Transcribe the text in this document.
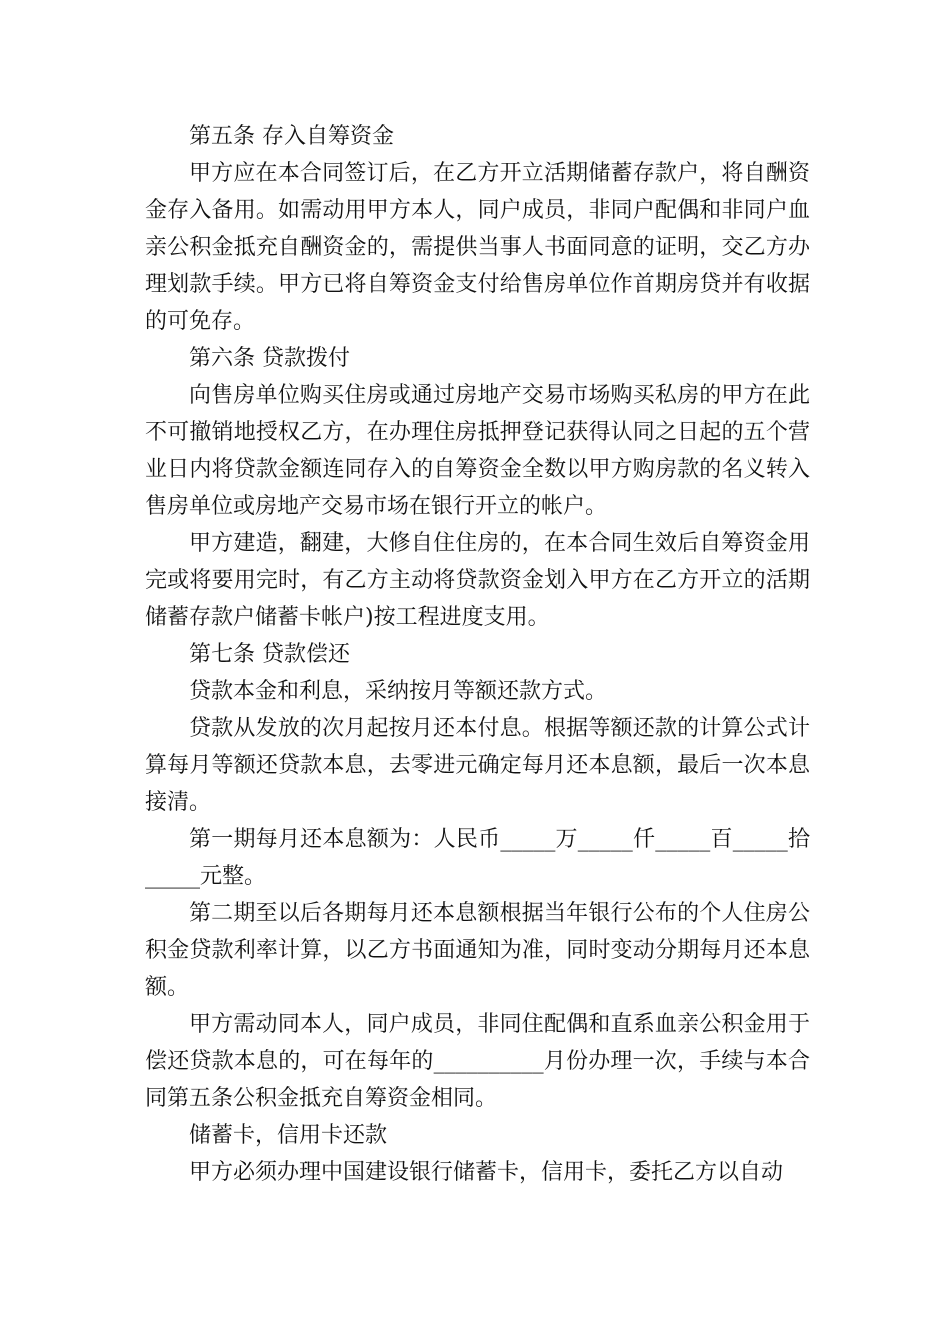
第五条 存入自筹资金

甲方应在本合同签订后，在乙方开立活期储蓄存款户，将自酬资金存入备用。如需动用甲方本人，同户成员，非同户配偶和非同户血亲公积金抵充自酬资金的，需提供当事人书面同意的证明，交乙方办理划款手续。甲方已将自筹资金支付给售房单位作首期房贷并有收据的可免存。

第六条 贷款拨付

向售房单位购买住房或通过房地产交易市场购买私房的甲方在此不可撤销地授权乙方，在办理住房抵押登记获得认同之日起的五个营业日内将贷款金额连同存入的自筹资金全数以甲方购房款的名义转入售房单位或房地产交易市场在银行开立的帐户。

甲方建造，翻建，大修自住住房的，在本合同生效后自筹资金用完或将要用完时，有乙方主动将贷款资金划入甲方在乙方开立的活期储蓄存款户储蓄卡帐户)按工程进度支用。

第七条 贷款偿还

贷款本金和利息，采纳按月等额还款方式。

贷款从发放的次月起按月还本付息。根据等额还款的计算公式计算每月等额还贷款本息，去零进元确定每月还本息额，最后一次本息接清。

第一期每月还本息额为：人民币_____万_____仟_____百_____拾_____元整。

第二期至以后各期每月还本息额根据当年银行公布的个人住房公积金贷款利率计算，以乙方书面通知为准，同时变动分期每月还本息额。

甲方需动同本人，同户成员，非同住配偶和直系血亲公积金用于偿还贷款本息的，可在每年的__________月份办理一次，手续与本合同第五条公积金抵充自筹资金相同。

储蓄卡，信用卡还款

甲方必须办理中国建设银行储蓄卡，信用卡，委托乙方以自动
